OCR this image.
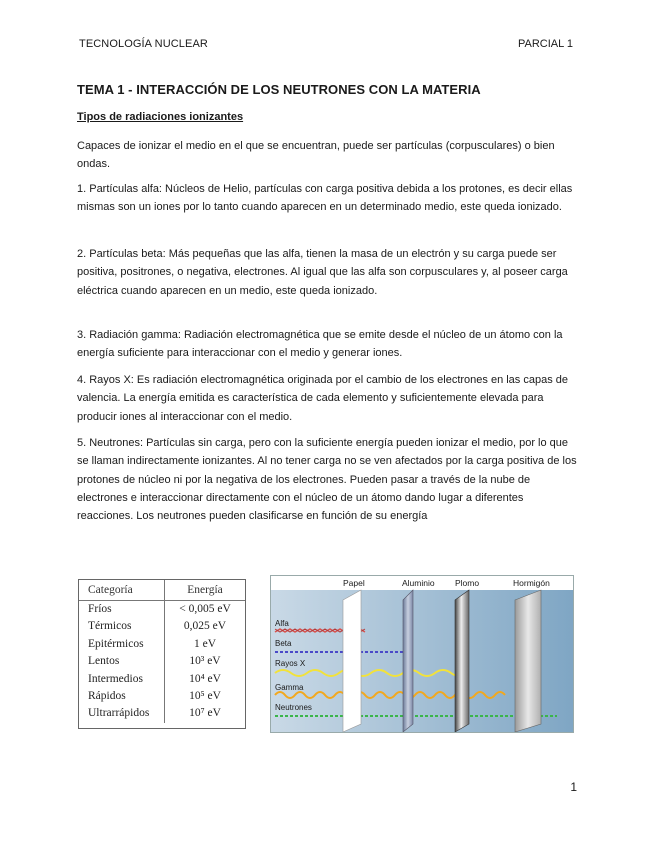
TECNOLOGÍA NUCLEAR	PARCIAL 1
TEMA 1 - INTERACCIÓN DE LOS NEUTRONES CON LA MATERIA
Tipos de radiaciones ionizantes
Capaces de ionizar el medio en el que se encuentran, puede ser partículas (corpusculares) o bien ondas.
1. Partículas alfa: Núcleos de Helio, partículas con carga positiva debida a los protones, es decir ellas mismas son un iones por lo tanto cuando aparecen en un determinado medio, este queda ionizado.
2. Partículas beta: Más pequeñas que las alfa, tienen la masa de un electrón y su carga puede ser positiva, positrones, o negativa, electrones. Al igual que las alfa son corpusculares y, al poseer carga eléctrica cuando aparecen en un medio, este queda ionizado.
3. Radiación gamma: Radiación electromagnética que se emite desde el núcleo de un átomo con la energía suficiente para interaccionar con el medio y generar iones.
4. Rayos X: Es radiación electromagnética originada por el cambio de los electrones en las capas de valencia. La energía emitida es característica de cada elemento y suficientemente elevada para producir iones al interaccionar con el medio.
5. Neutrones: Partículas sin carga, pero con la suficiente energía pueden ionizar el medio, por lo que se llaman indirectamente ionizantes. Al no tener carga no se ven afectados por la carga positiva de los protones de núcleo ni por la negativa de los electrones. Pueden pasar a través de la nube de electrones e interaccionar directamente con el núcleo de un átomo dando lugar a diferentes reacciones. Los neutrones pueden clasificarse en función de su energía
Categoría	Energía
Fríos	< 0,005 eV
Térmicos	0,025 eV
Epitérmicos	1 eV
Lentos	10³ eV
Intermedios	10⁴ eV
Rápidos	10⁵ eV
Ultrarrápidos	10⁷ eV
Papel	Aluminio Plomo	Hormigón
Alfa
Beta
Rayos X
Gamma
Neutrones
1
